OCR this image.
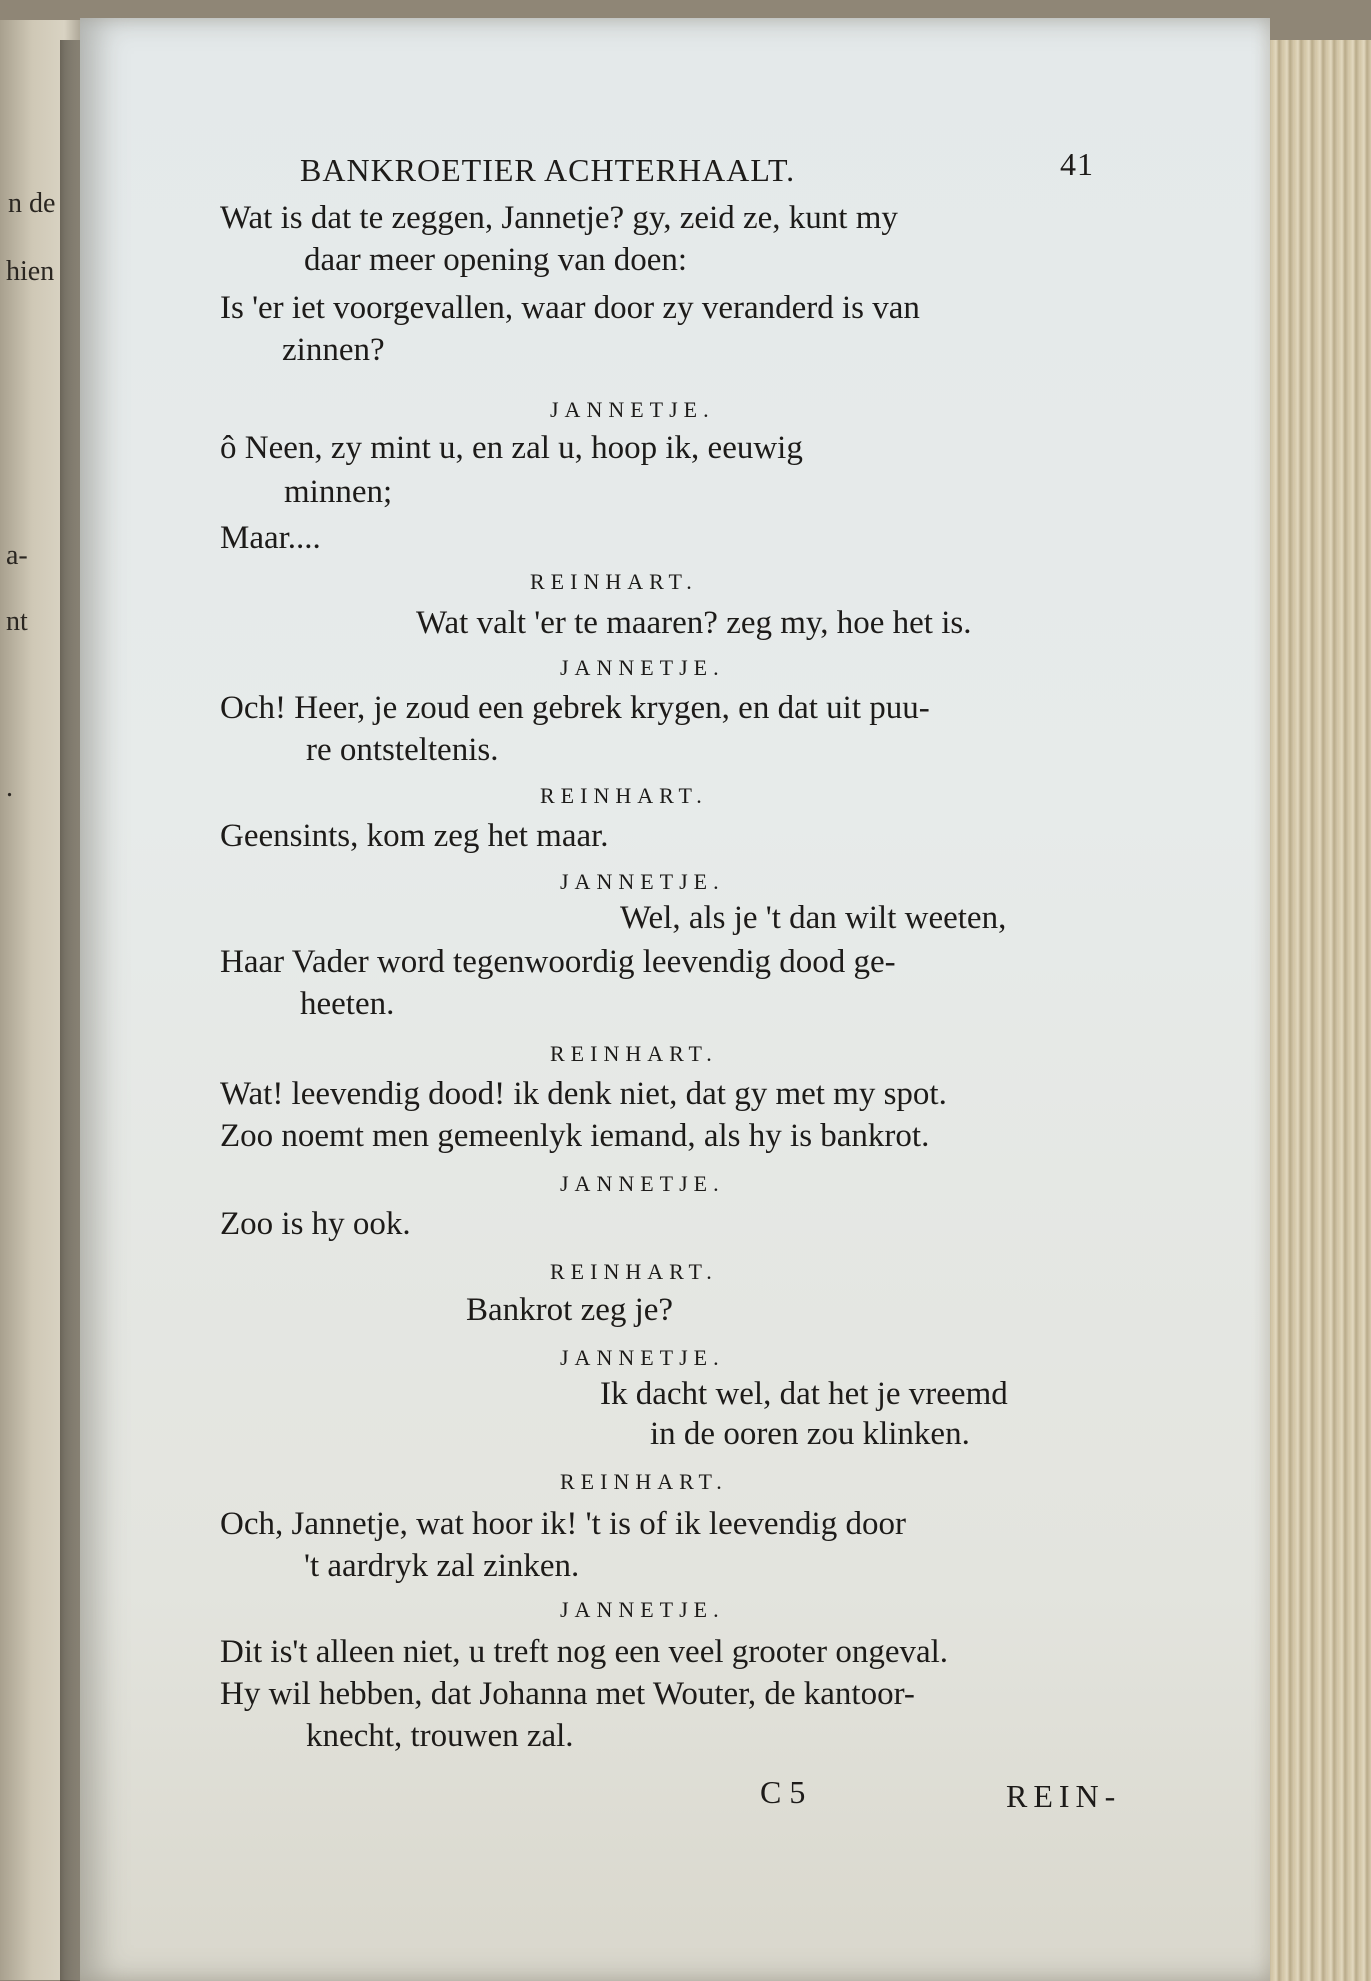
n de
hien
a-
nt
.
BANKROETIER ACHTERHAALT.	41
Wat is dat te zeggen, Jannetje? gy, zeid ze, kunt my
daar meer opening van doen:
Is 'er iet voorgevallen, waar door zy veranderd is van
zinnen?
JANNETJE.
ô Neen, zy mint u, en zal u, hoop ik, eeuwig
minnen;
Maar....
REINHART.
Wat valt 'er te maaren? zeg my, hoe het is.
JANNETJE.
Och! Heer, je zoud een gebrek krygen, en dat uit puu-
re ontsteltenis.
REINHART.
Geensints, kom zeg het maar.
JANNETJE.
Wel, als je 't dan wilt weeten,
Haar Vader word tegenwoordig leevendig dood ge-
heeten.
REINHART.
Wat! leevendig dood! ik denk niet, dat gy met my spot.
Zoo noemt men gemeenlyk iemand, als hy is bankrot.
JANNETJE.
Zoo is hy ook.
REINHART.
Bankrot zeg je?
JANNETJE.
Ik dacht wel, dat het je vreemd
in de ooren zou klinken.
REINHART.
Och, Jannetje, wat hoor ik! 't is of ik leevendig door
't aardryk zal zinken.
JANNETJE.
Dit is't alleen niet, u treft nog een veel grooter ongeval.
Hy wil hebben, dat Johanna met Wouter, de kantoor-
knecht, trouwen zal.
C 5	REIN-
